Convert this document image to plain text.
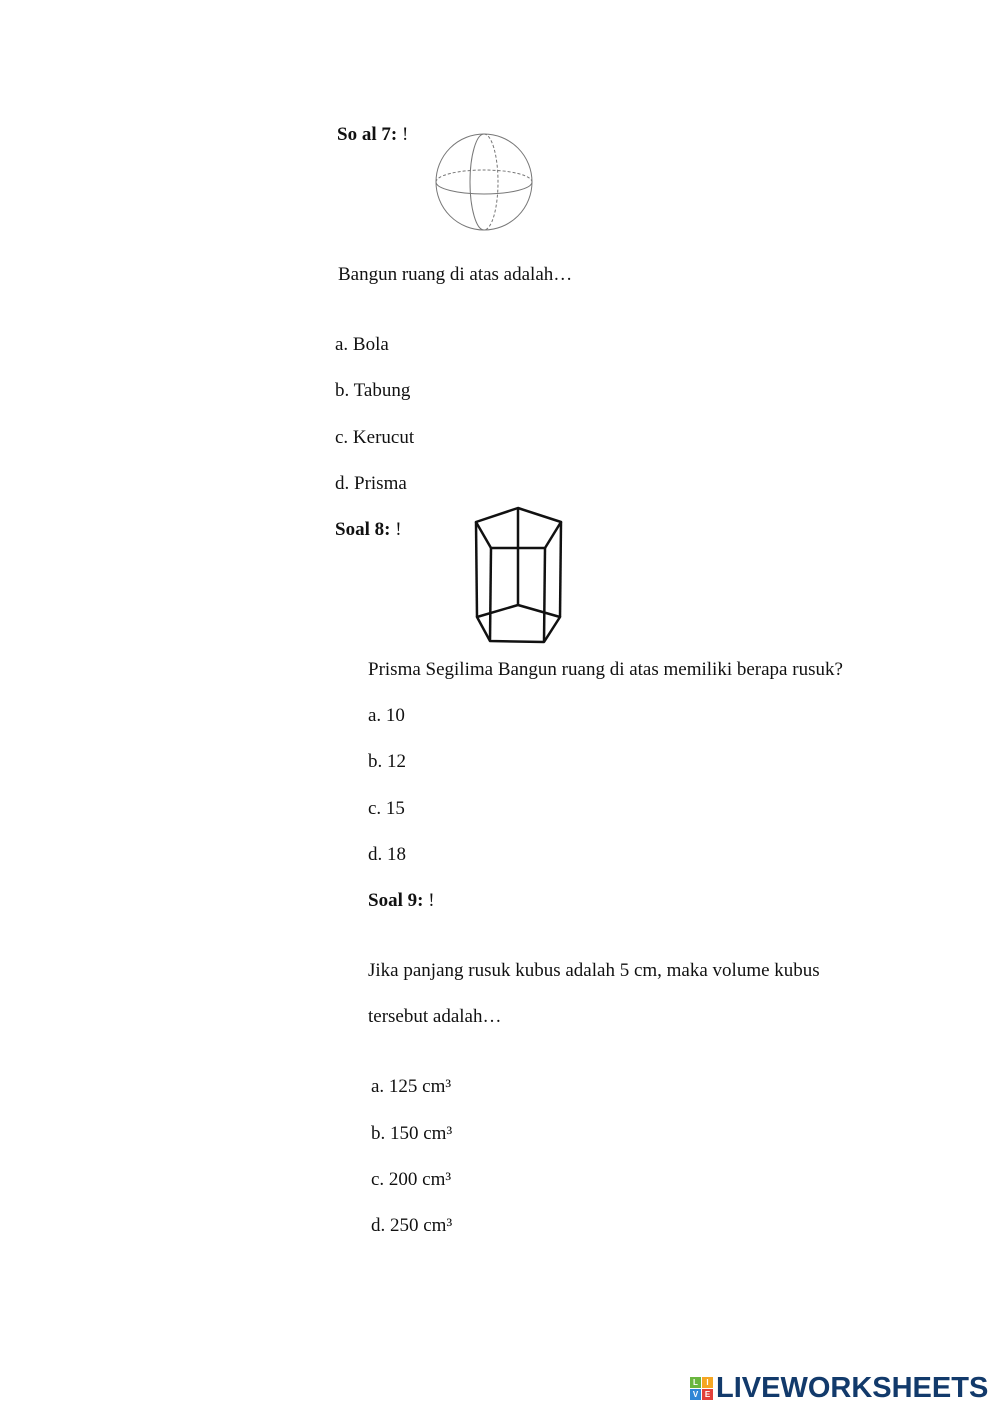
So al 7: !
Bangun ruang di atas adalah…
a. Bola
b. Tabung
c. Kerucut
d. Prisma
Soal 8: !
Prisma Segilima Bangun ruang di atas memiliki berapa rusuk?
a. 10
b. 12
c. 15
d. 18
Soal 9: !
Jika panjang rusuk kubus adalah 5 cm, maka volume kubus
tersebut adalah…
a. 125 cm³
b. 150 cm³
c. 200 cm³
d. 250 cm³
L	I
V E LIVEWORKSHEETS
